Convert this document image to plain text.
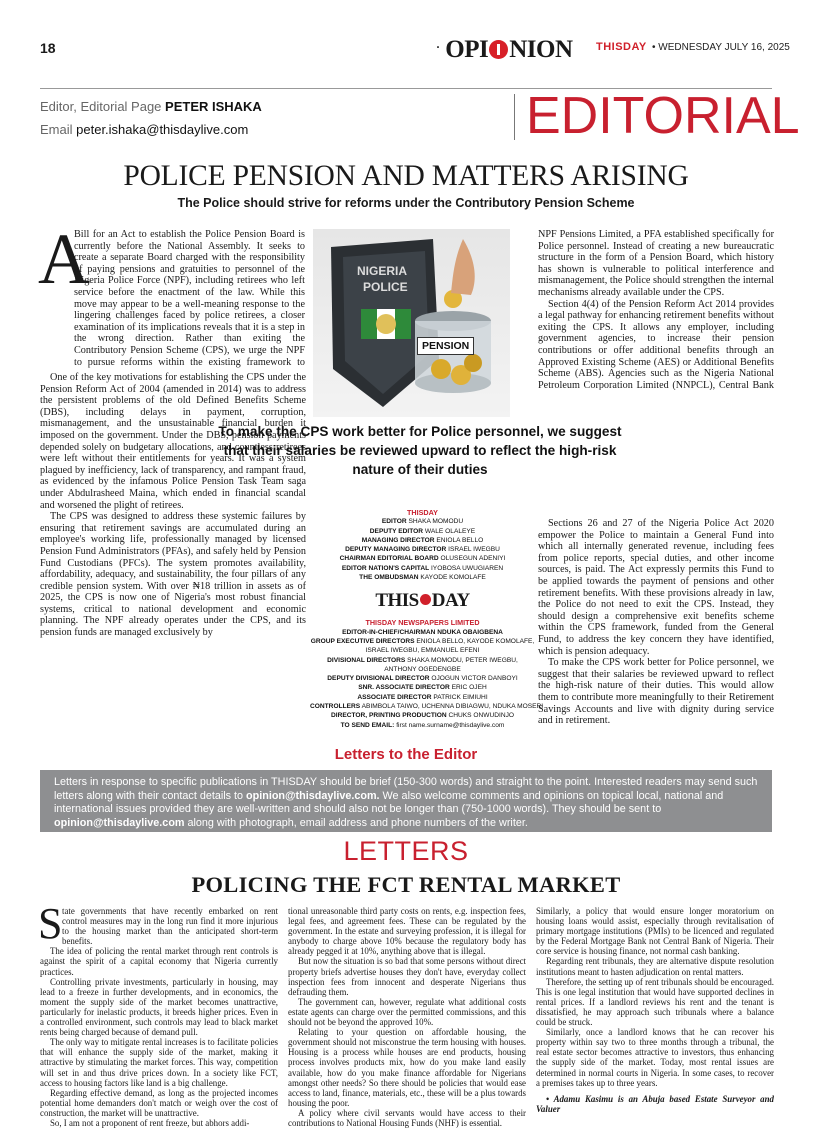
18	· OPI NION THISDAY • WEDNESDAY JULY 16, 2025
Editor, Editorial Page PETER ISHAKA
Email peter.ishaka@thisdaylive.com	EDITORIAL
POLICE PENSION AND MATTERS ARISING
The Police should strive for reforms under the Contributory Pension Scheme
A

Bill for an Act to establish the Police Pension Board is currently before the National Assembly. It seeks to create a separate Board charged with the responsibility of paying pensions and gratuities to personnel of the Nigeria Police Force (NPF), including retirees who left service before the enactment of the law. While this move may appear to be a well-meaning response to the lingering challenges faced by police retirees, a closer examination of its implications reveals that it is a step in the wrong direction. Rather than exiting the Contributory Pension Scheme (CPS), we urge the NPF to pursue reforms within the existing framework to

One of the key motivations for establishing the CPS under the Pension Reform Act of 2004 (amended in 2014) was to address the persistent problems of the old Defined Benefits Scheme (DBS), including delays in payment, corruption, mismanagement, and the unsustainable financial burden it imposed on the government. Under the DBS, pension payments depended solely on budgetary allocations, and countless retirees were left without their entitlements for years. It was a system plagued by inefficiency, lack of transparency, and rampant fraud, as evidenced by the infamous Police Pension Task Team saga under Abdulrasheed Maina, which ended in financial scandal and worsened the plight of retirees.

The CPS was designed to address these systemic failures by ensuring that retirement savings are accumulated during an employee's working life, professionally managed by licensed Pension Fund Administrators (PFAs), and safely held by Pension Fund Custodians (PFCs). The system promotes availability, affordability, adequacy, and sustainability, the four pillars of any credible pension system. With over ₦18 trillion in assets as of 2025, the CPS is now one of Nigeria's most robust financial systems, critical to national development and economic planning. The NPF already operates under the CPS, and its pension funds are managed exclusively by

NIGERIA
POLICE
PENSION

NPF Pensions Limited, a PFA established specifically for Police personnel. Instead of creating a new bureaucratic structure in the form of a Pension Board, which history has shown is vulnerable to political interference and mismanagement, the Police should strengthen the internal mechanisms already available under the CPS.

Section 4(4) of the Pension Reform Act 2014 provides a legal pathway for enhancing retirement benefits without exiting the CPS. It allows any employer, including government agencies, to increase their pension contributions or offer additional benefits through an Approved Existing Scheme (AES) or Additional Benefits Scheme (ABS). Agencies such as the Nigeria National Petroleum Corporation Limited (NNPCL), Central Bank

Sections 26 and 27 of the Nigeria Police Act 2020 empower the Police to maintain a General Fund into which all internally generated revenue, including fees from police reports, special duties, and other income sources, is paid. The Act expressly permits this Fund to be applied towards the payment of pensions and other retirement benefits. With these provisions already in law, the Police do not need to exit the CPS. Instead, they should design a comprehensive exit benefits scheme within the CPS framework, funded from the General Fund, to address the key concern they have identified, which is pension adequacy.

To make the CPS work better for Police personnel, we suggest that their salaries be reviewed upward to reflect the high-risk nature of their duties. This would allow them to contribute more meaningfully to their Retirement Savings Accounts and live with dignity during service and in retirement.

To make the CPS work better for Police personnel, we suggest that their salaries be reviewed upward to reflect the high-risk nature of their duties
THISDAY
EDITOR SHAKA MOMODU
DEPUTY EDITOR WALE OLALEYE
MANAGING DIRECTOR ENIOLA BELLO
DEPUTY MANAGING DIRECTOR ISRAEL IWEGBU
CHAIRMAN EDITORIAL BOARD OLUSEGUN ADENIYI
EDITOR NATION'S CAPITAL IYOBOSA UWUGIAREN
THE OMBUDSMAN KAYODE KOMOLAFE
THIS DAY
THISDAY NEWSPAPERS LIMITED
EDITOR-IN-CHIEF/CHAIRMAN NDUKA OBAIGBENA
GROUP EXECUTIVE DIRECTORS ENIOLA BELLO, KAYODE KOMOLAFE,
ISRAEL IWEGBU, EMMANUEL EFENI
DIVISIONAL DIRECTORS SHAKA MOMODU, PETER IWEGBU,
ANTHONY OGEDENGBE
DEPUTY DIVISIONAL DIRECTOR OJOGUN VICTOR DANBOYI
SNR. ASSOCIATE DIRECTOR ERIC OJEH
ASSOCIATE DIRECTOR PATRICK EIMIUHI
CONTROLLERS ABIMBOLA TAIWO, UCHENNA DIBIAGWU, NDUKA MOSERI
DIRECTOR, PRINTING PRODUCTION CHUKS ONWUDINJO
TO SEND EMAIL: first name.surname@thisdaylive.com
Letters to the Editor
Letters in response to specific publications in THISDAY should be brief (150-300 words) and straight to the point. Interested readers may send such letters along with their contact details to opinion@thisdaylive.com. We also welcome comments and opinions on topical local, national and international issues provided they are well-written and should also not be longer than (750-1000 words). They should be sent to opinion@thisdaylive.com along with photograph, email address and phone numbers of the writer.
LETTERS
POLICING THE FCT RENTAL MARKET
S tate governments that have recently embarked on rent control measures may in the long run find it more injurious to the housing market than the anticipated short-term benefits.

The idea of policing the rental market through rent controls is against the spirit of a capital economy that Nigeria currently practices.

Controlling private investments, particularly in housing, may lead to a freeze in further developments, and in economics, the moment the supply side of the market becomes unattractive, particularly for inelastic products, it breeds higher prices. Even in a controlled environment, such controls may lead to black market rents being charged because of demand pull.

The only way to mitigate rental increases is to facilitate policies that will enhance the supply side of the market, making it attractive by stimulating the market forces. This way, competition will set in and thus drive prices down. In a society like FCT, access to housing factors like land is a big challenge.

Regarding effective demand, as long as the projected incomes potential home demanders don't match or weigh over the cost of construction, the market will be unattractive.

So, I am not a proponent of rent freeze, but abhors addi-

tional unreasonable third party costs on rents, e.g. inspection fees, legal fees, and agreement fees. These can be regulated by the government. In the estate and surveying profession, it is illegal for anybody to charge above 10% because the regulatory body has already pegged it at 10%, anything above that is illegal.

But now the situation is so bad that some persons without direct property briefs advertise houses they don't have, everyday collect inspection fees from innocent and desperate Nigerians thus defrauding them.

The government can, however, regulate what additional costs estate agents can charge over the permitted commissions, and this should not be beyond the approved 10%.

Relating to your question on affordable housing, the government should not misconstrue the term housing with houses. Housing is a process while houses are end products, housing process involves products mix, how do you make land easily available, how do you make finance affordable for Nigerians amongst other needs? So there should be policies that would ease access to land, finance, materials, etc., these will be a plus towards housing the poor.

A policy where civil servants would have access to their contributions to National Housing Funds (NHF) is essential.

Similarly, a policy that would ensure longer moratorium on housing loans would assist, especially through revitalisation of primary mortgage institutions (PMIs) to be licenced and regulated by the Federal Mortgage Bank not Central Bank of Nigeria. Their core service is housing finance, not normal cash banking.

Regarding rent tribunals, they are alternative dispute resolution institutions meant to hasten adjudication on rental matters.

Therefore, the setting up of rent tribunals should be encouraged. This is one legal institution that would have supported declines in rental prices. If a landlord reviews his rent and the tenant is dissatisfied, he may approach such tribunals where a balance could be struck.

Similarly, once a landlord knows that he can recover his property within say two to three months through a tribunal, the real estate sector becomes attractive to investors, thus enhancing the supply side of the market. Today, most rental issues are determined in normal courts in Nigeria. In some cases, to recover a premises takes up to three years.

• Adamu Kasimu is an Abuja based Estate Surveyor and Valuer
